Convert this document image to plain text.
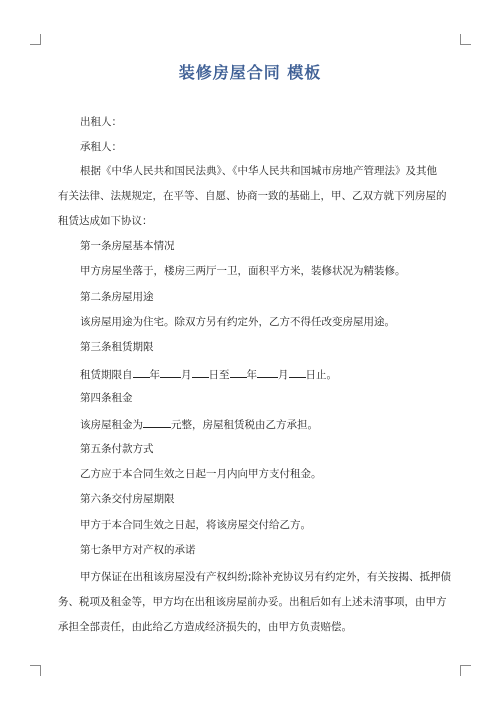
装修房屋合同 模板
出租人：
承租人：
根据《中华人民共和国民法典》、《中华人民共和国城市房地产管理法》及其他
有关法律、法规规定，在平等、自愿、协商一致的基础上，甲、乙双方就下列房屋的
租赁达成如下协议：
第一条房屋基本情况
甲方房屋坐落于，楼房三两厅一卫，面积平方米，装修状况为精装修。
第二条房屋用途
该房屋用途为住宅。除双方另有约定外，乙方不得任改变房屋用途。
第三条租赁期限
租赁期限自 年 月 日至 年 月 日止。
第四条租金
该房屋租金为	元整，房屋租赁税由乙方承担。
第五条付款方式
乙方应于本合同生效之日起一月内向甲方支付租金。
第六条交付房屋期限
甲方于本合同生效之日起，将该房屋交付给乙方。
第七条甲方对产权的承诺
甲方保证在出租该房屋没有产权纠纷;除补充协议另有约定外，有关按揭、抵押债
务、税项及租金等，甲方均在出租该房屋前办妥。出租后如有上述未清事项，由甲方
承担全部责任，由此给乙方造成经济损失的，由甲方负责赔偿。
